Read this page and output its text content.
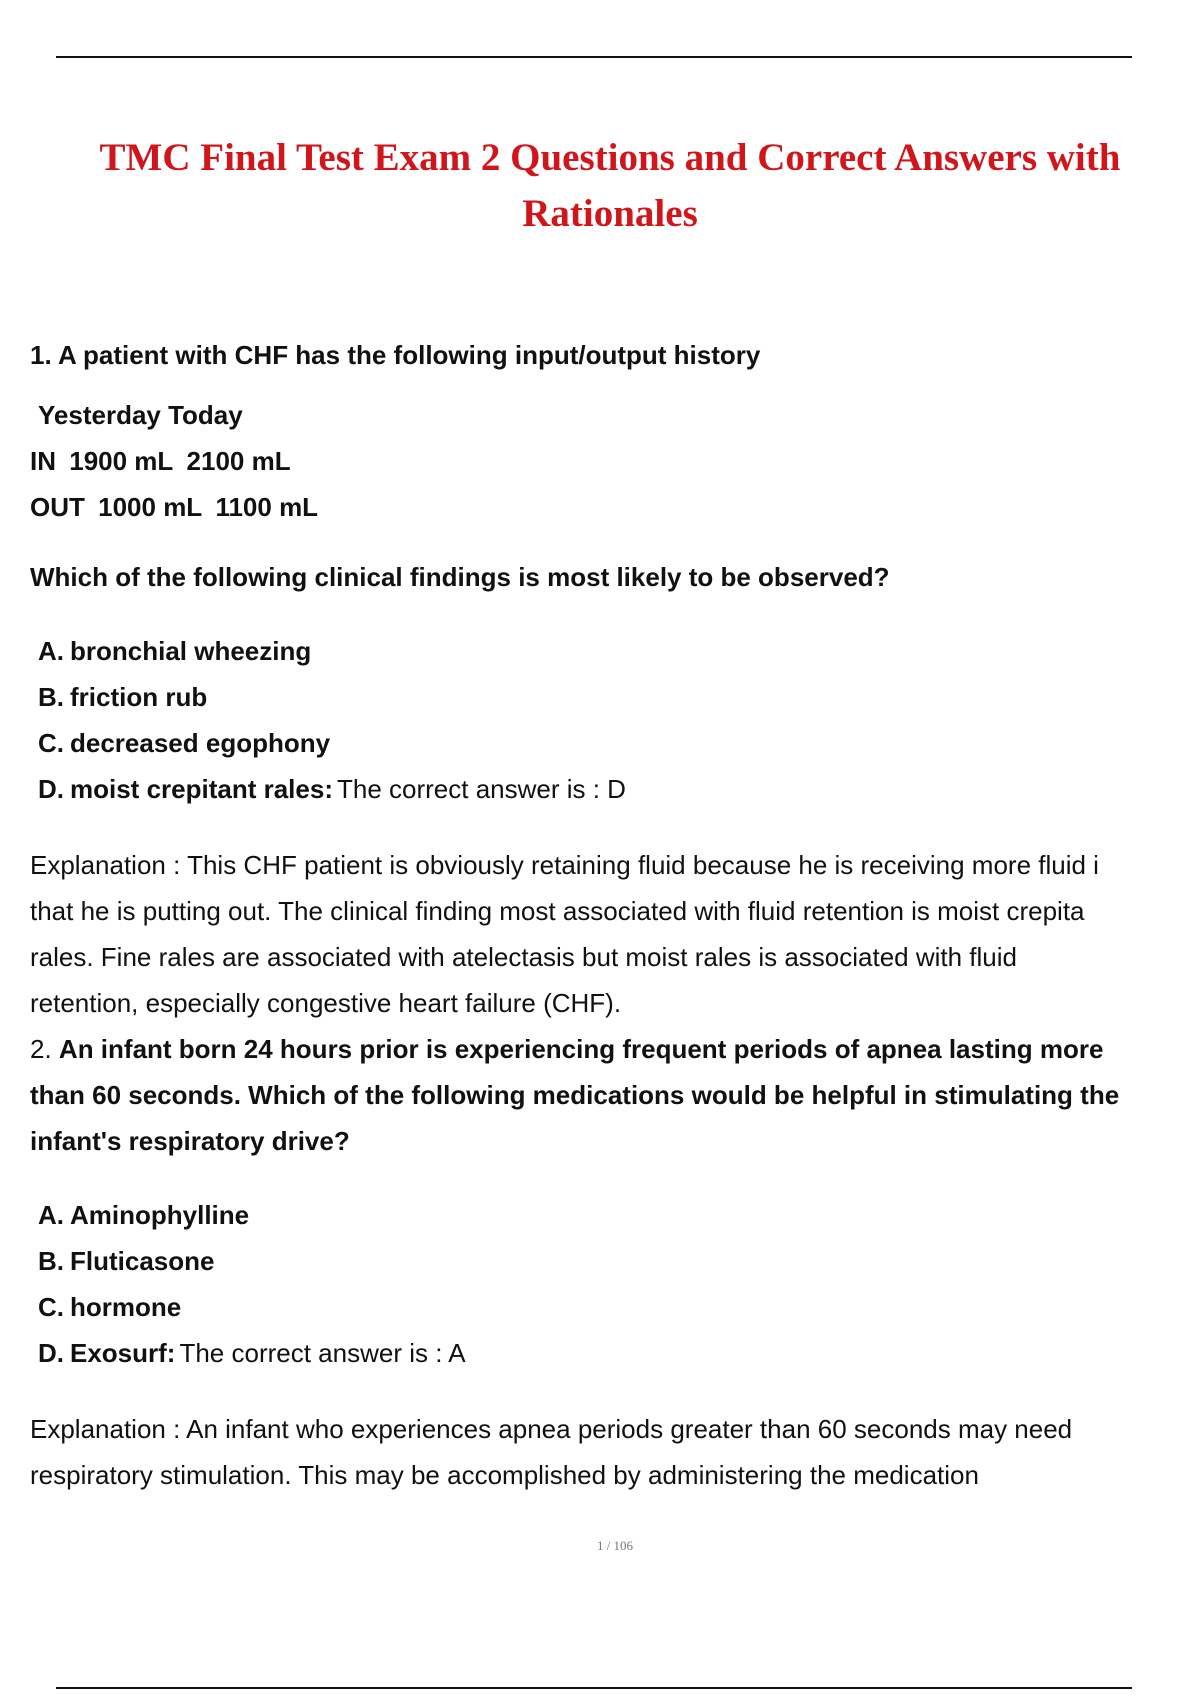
TMC Final Test Exam 2 Questions and Correct Answers with Rationales

1. A patient with CHF has the following input/output history

Yesterday Today

IN 1900 mL 2100 mL

OUT 1000 mL 1100 mL

Which of the following clinical findings is most likely to be observed?

A. bronchial wheezing
B. friction rub
C. decreased egophony
D. moist crepitant rales: The correct answer is : D
Explanation : This CHF patient is obviously retaining fluid because he is receiving more fluid i
that he is putting out. The clinical finding most associated with fluid retention is moist crepita
rales. Fine rales are associated with atelectasis but moist rales is associated with fluid
retention, especially congestive heart failure (CHF).
2. An infant born 24 hours prior is experiencing frequent periods of apnea lasting more
than 60 seconds. Which of the following medications would be helpful in stimulating the
infant's respiratory drive?
A. Aminophylline
B. Fluticasone
C. hormone
D. Exosurf: The correct answer is : A
Explanation : An infant who experiences apnea periods greater than 60 seconds may need
respiratory stimulation. This may be accomplished by administering the medication
1 / 106
